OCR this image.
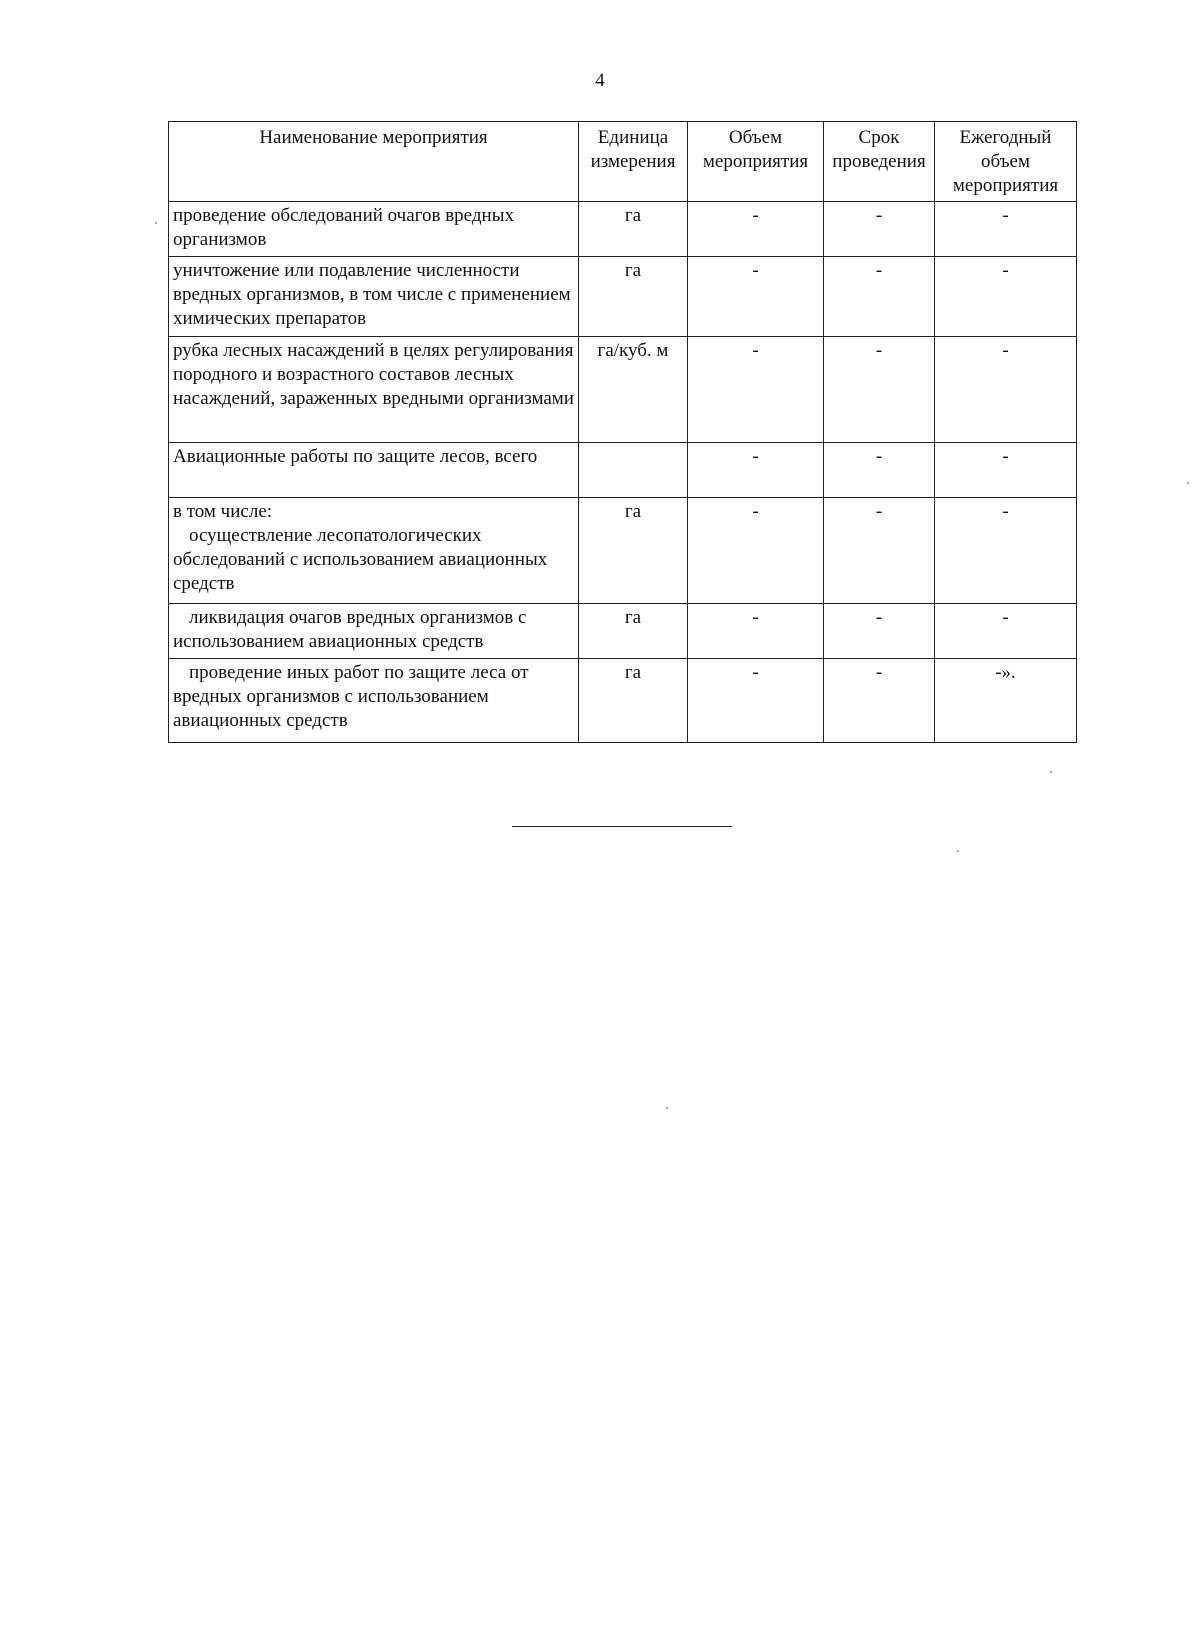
4
Наименование мероприятия	Единица измерения	Объем мероприятия	Срок проведения	Ежегодный объем мероприятия
проведение обследований очагов вредных организмов	га	-	-	-
уничтожение или подавление численности вредных организмов, в том числе с применением химических препаратов	га	-	-	-
рубка лесных насаждений в целях регулирования породного и возрастного составов лесных насаждений, зараженных вредными организмами	га/куб. м	-	-	-
Авиационные работы по защите лесов, всего		-	-	-

в том числе:
осуществление лесопатологических обследований с использованием авиационных средств	га	-	-	-
ликвидация очагов вредных организмов с использованием авиационных средств	га	-	-	-
проведение иных работ по защите леса от вредных организмов с использованием авиационных средств	га	-	-	-».
